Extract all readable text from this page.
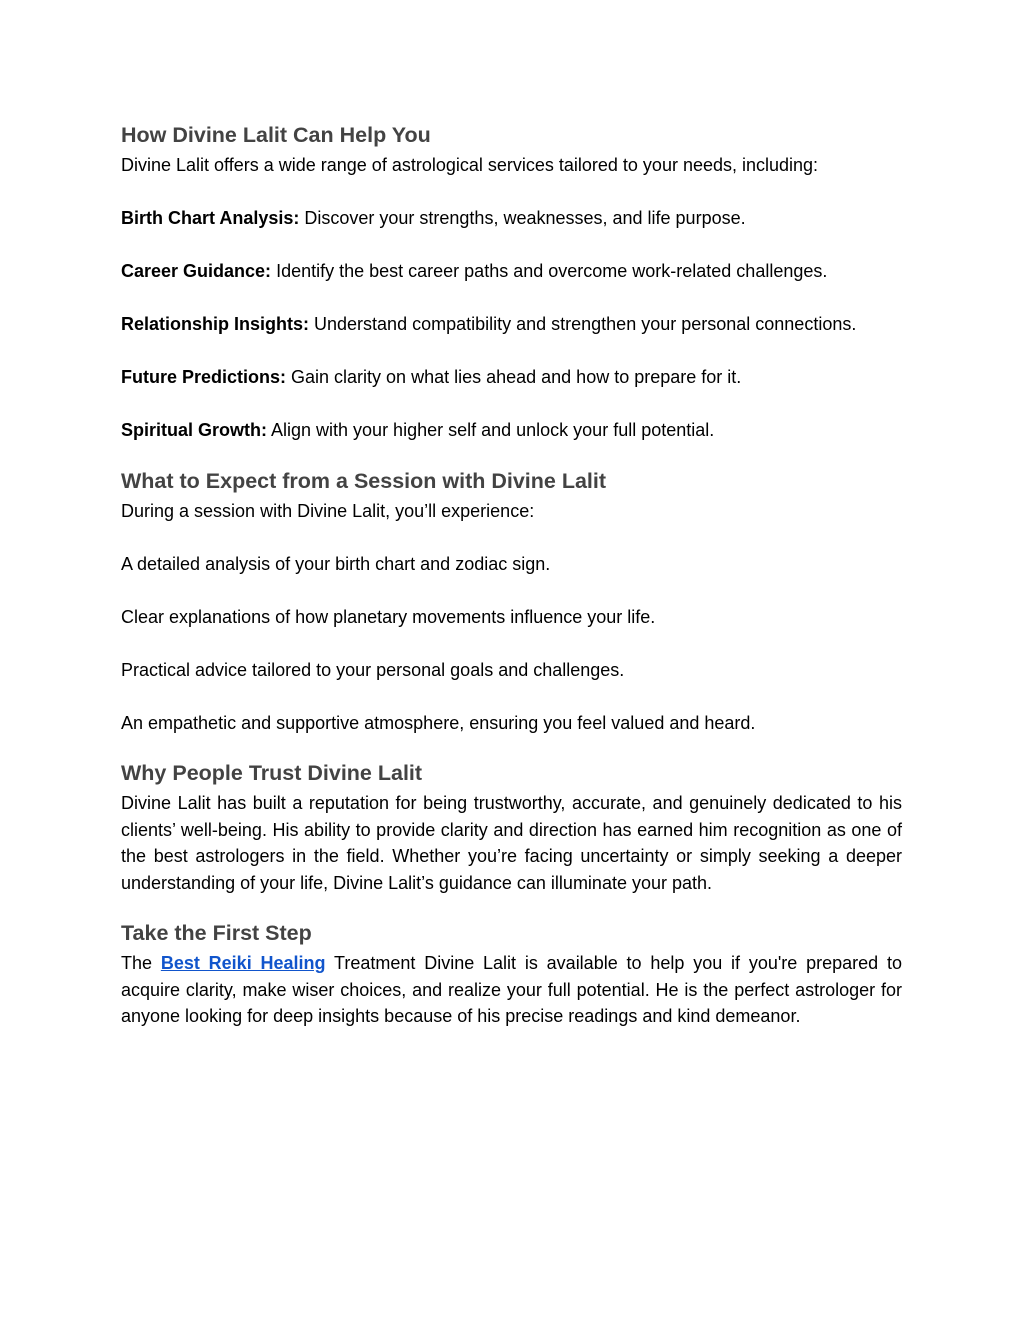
How Divine Lalit Can Help You

Divine Lalit offers a wide range of astrological services tailored to your needs, including:

Birth Chart Analysis: Discover your strengths, weaknesses, and life purpose.

Career Guidance: Identify the best career paths and overcome work-related challenges.

Relationship Insights: Understand compatibility and strengthen your personal connections.

Future Predictions: Gain clarity on what lies ahead and how to prepare for it.

Spiritual Growth: Align with your higher self and unlock your full potential.

What to Expect from a Session with Divine Lalit

During a session with Divine Lalit, you’ll experience:

A detailed analysis of your birth chart and zodiac sign.

Clear explanations of how planetary movements influence your life.

Practical advice tailored to your personal goals and challenges.

An empathetic and supportive atmosphere, ensuring you feel valued and heard.

Why People Trust Divine Lalit

Divine Lalit has built a reputation for being trustworthy, accurate, and genuinely dedicated to his clients’ well-being. His ability to provide clarity and direction has earned him recognition as one of the best astrologers in the field. Whether you’re facing uncertainty or simply seeking a deeper understanding of your life, Divine Lalit’s guidance can illuminate your path.

Take the First Step

The Best Reiki Healing Treatment Divine Lalit is available to help you if you're prepared to acquire clarity, make wiser choices, and realize your full potential. He is the perfect astrologer for anyone looking for deep insights because of his precise readings and kind demeanor.
